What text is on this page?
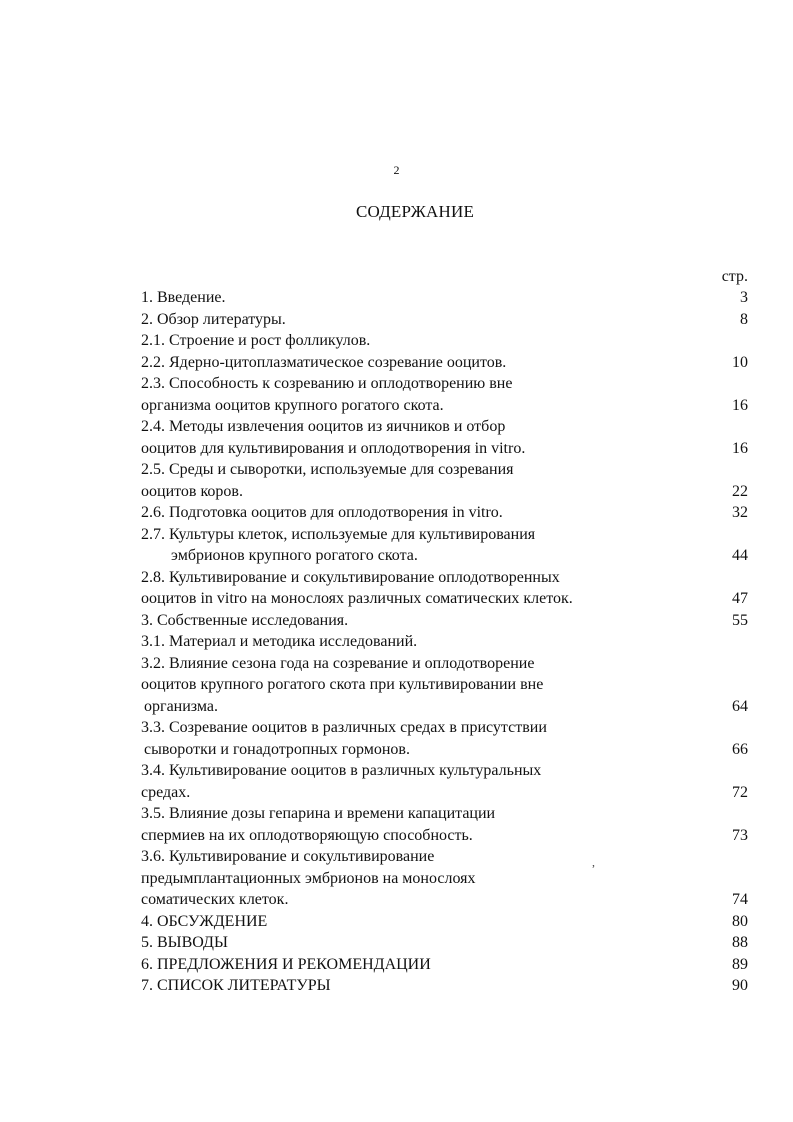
2
СОДЕРЖАНИЕ
стр.
,
1. Введение.	3
2. Обзор литературы.	8
2.1. Строение и рост фолликулов.
2.2. Ядерно-цитоплазматическое созревание ооцитов.	10
2.3. Способность к созреванию и оплодотворению вне
организма ооцитов крупного рогатого скота.	16
2.4. Методы извлечения ооцитов из яичников и отбор
ооцитов для культивирования и оплодотворения in vitro.	16
2.5. Среды и сыворотки, используемые для созревания
ооцитов коров.	22
2.6. Подготовка ооцитов для оплодотворения in vitro.	32
2.7. Культуры клеток, используемые для культивирования
эмбрионов крупного рогатого скота.	44
2.8. Культивирование и сокультивирование оплодотворенных
ооцитов in vitro на монослоях различных соматических клеток.	47
3. Собственные исследования.	55
3.1. Материал и методика исследований.
3.2. Влияние сезона года на созревание и оплодотворение
ооцитов крупного рогатого скота при культивировании вне
организма.	64
3.3. Созревание ооцитов в различных средах в присутствии
сыворотки и гонадотропных гормонов.	66
3.4. Культивирование ооцитов в различных культуральных
средах.	72
3.5. Влияние дозы гепарина и времени капацитации
спермиев на их оплодотворяющую способность.	73
3.6. Культивирование и сокультивирование
предымплантационных эмбрионов на монослоях
соматических клеток.	74
4. ОБСУЖДЕНИЕ	80
5. ВЫВОДЫ	88
6. ПРЕДЛОЖЕНИЯ И РЕКОМЕНДАЦИИ	89
7. СПИСОК ЛИТЕРАТУРЫ	90
